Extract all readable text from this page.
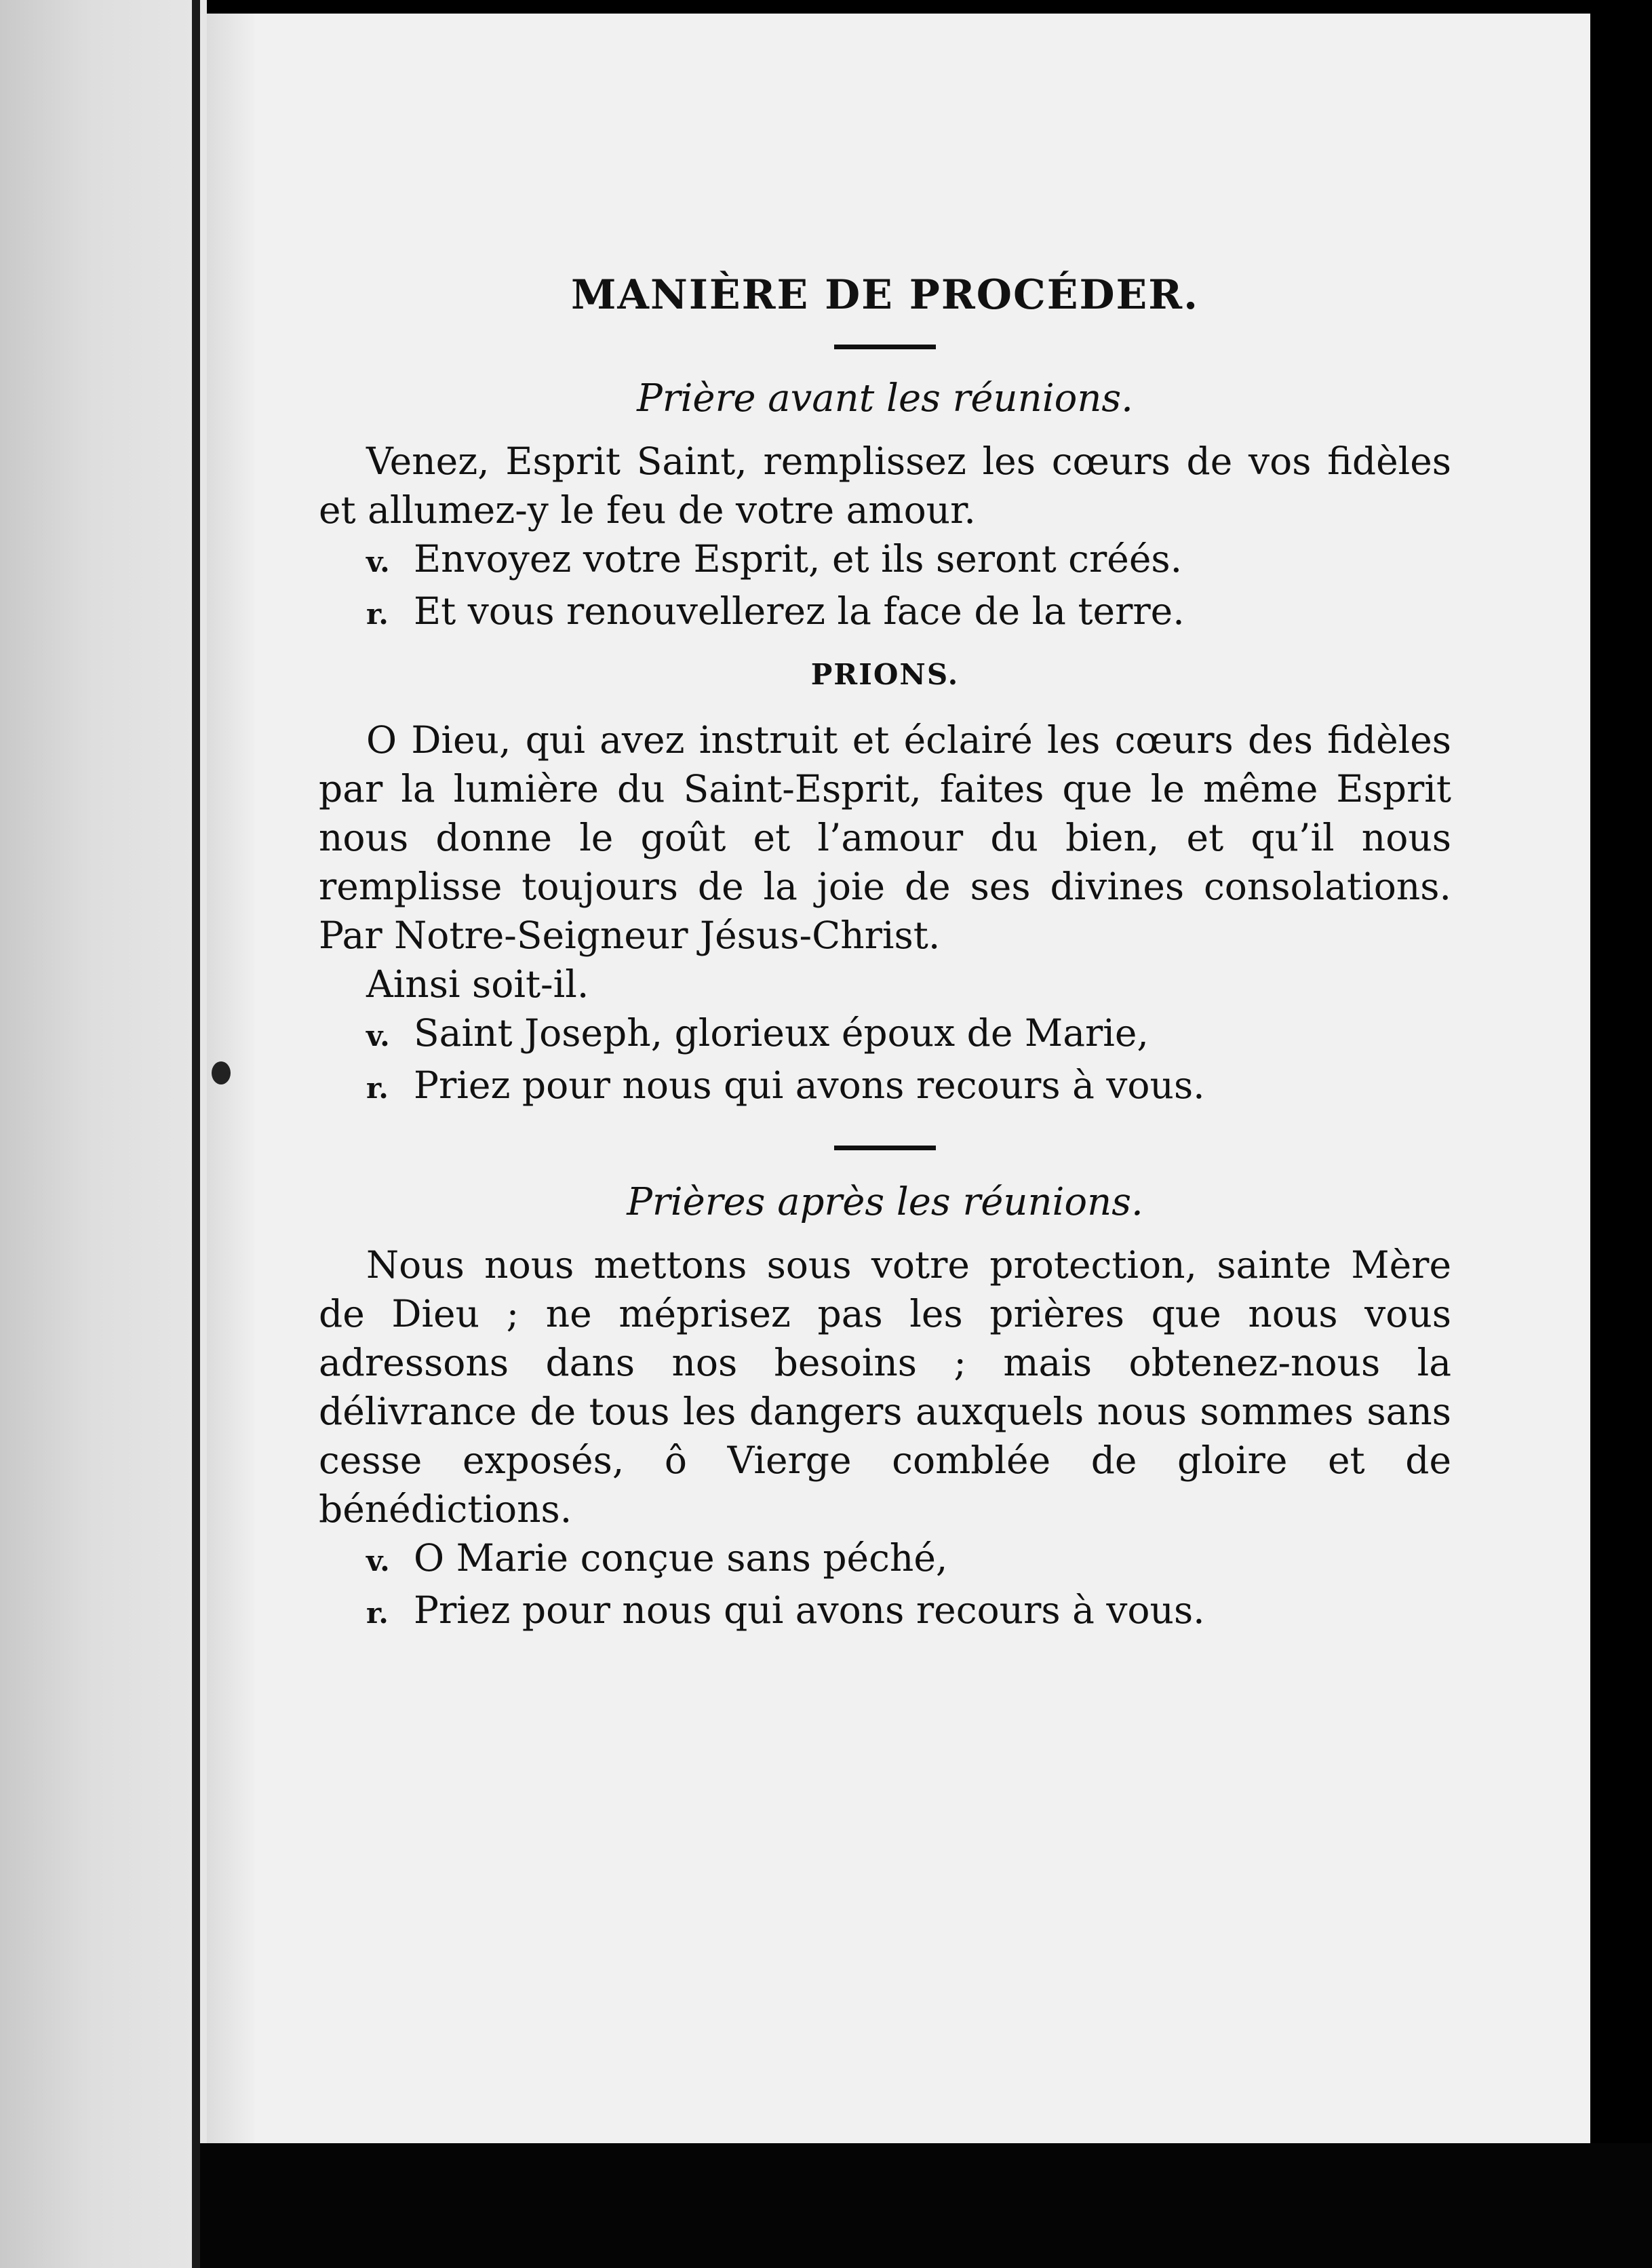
MANIÈRE DE PROCÉDER.
Prière avant les réunions.

Venez, Esprit Saint, remplissez les cœurs de vos fidèles et allumez-y le feu de votre amour.

v. Envoyez votre Esprit, et ils seront créés.

r. Et vous renouvellerez la face de la terre.

PRIONS.

O Dieu, qui avez instruit et éclairé les cœurs des fidèles par la lumière du Saint-Esprit, faites que le même Esprit nous donne le goût et l’amour du bien, et qu’il nous remplisse toujours de la joie de ses divines consolations. Par Notre-Seigneur Jésus-Christ.

Ainsi soit-il.

v. Saint Joseph, glorieux époux de Marie,

r. Priez pour nous qui avons recours à vous.

Prières après les réunions.

Nous nous mettons sous votre protection, sainte Mère de Dieu ; ne méprisez pas les prières que nous vous adressons dans nos besoins ; mais obtenez-nous la délivrance de tous les dangers auxquels nous sommes sans cesse exposés, ô Vierge comblée de gloire et de bénédictions.

v. O Marie conçue sans péché,

r. Priez pour nous qui avons recours à vous.
